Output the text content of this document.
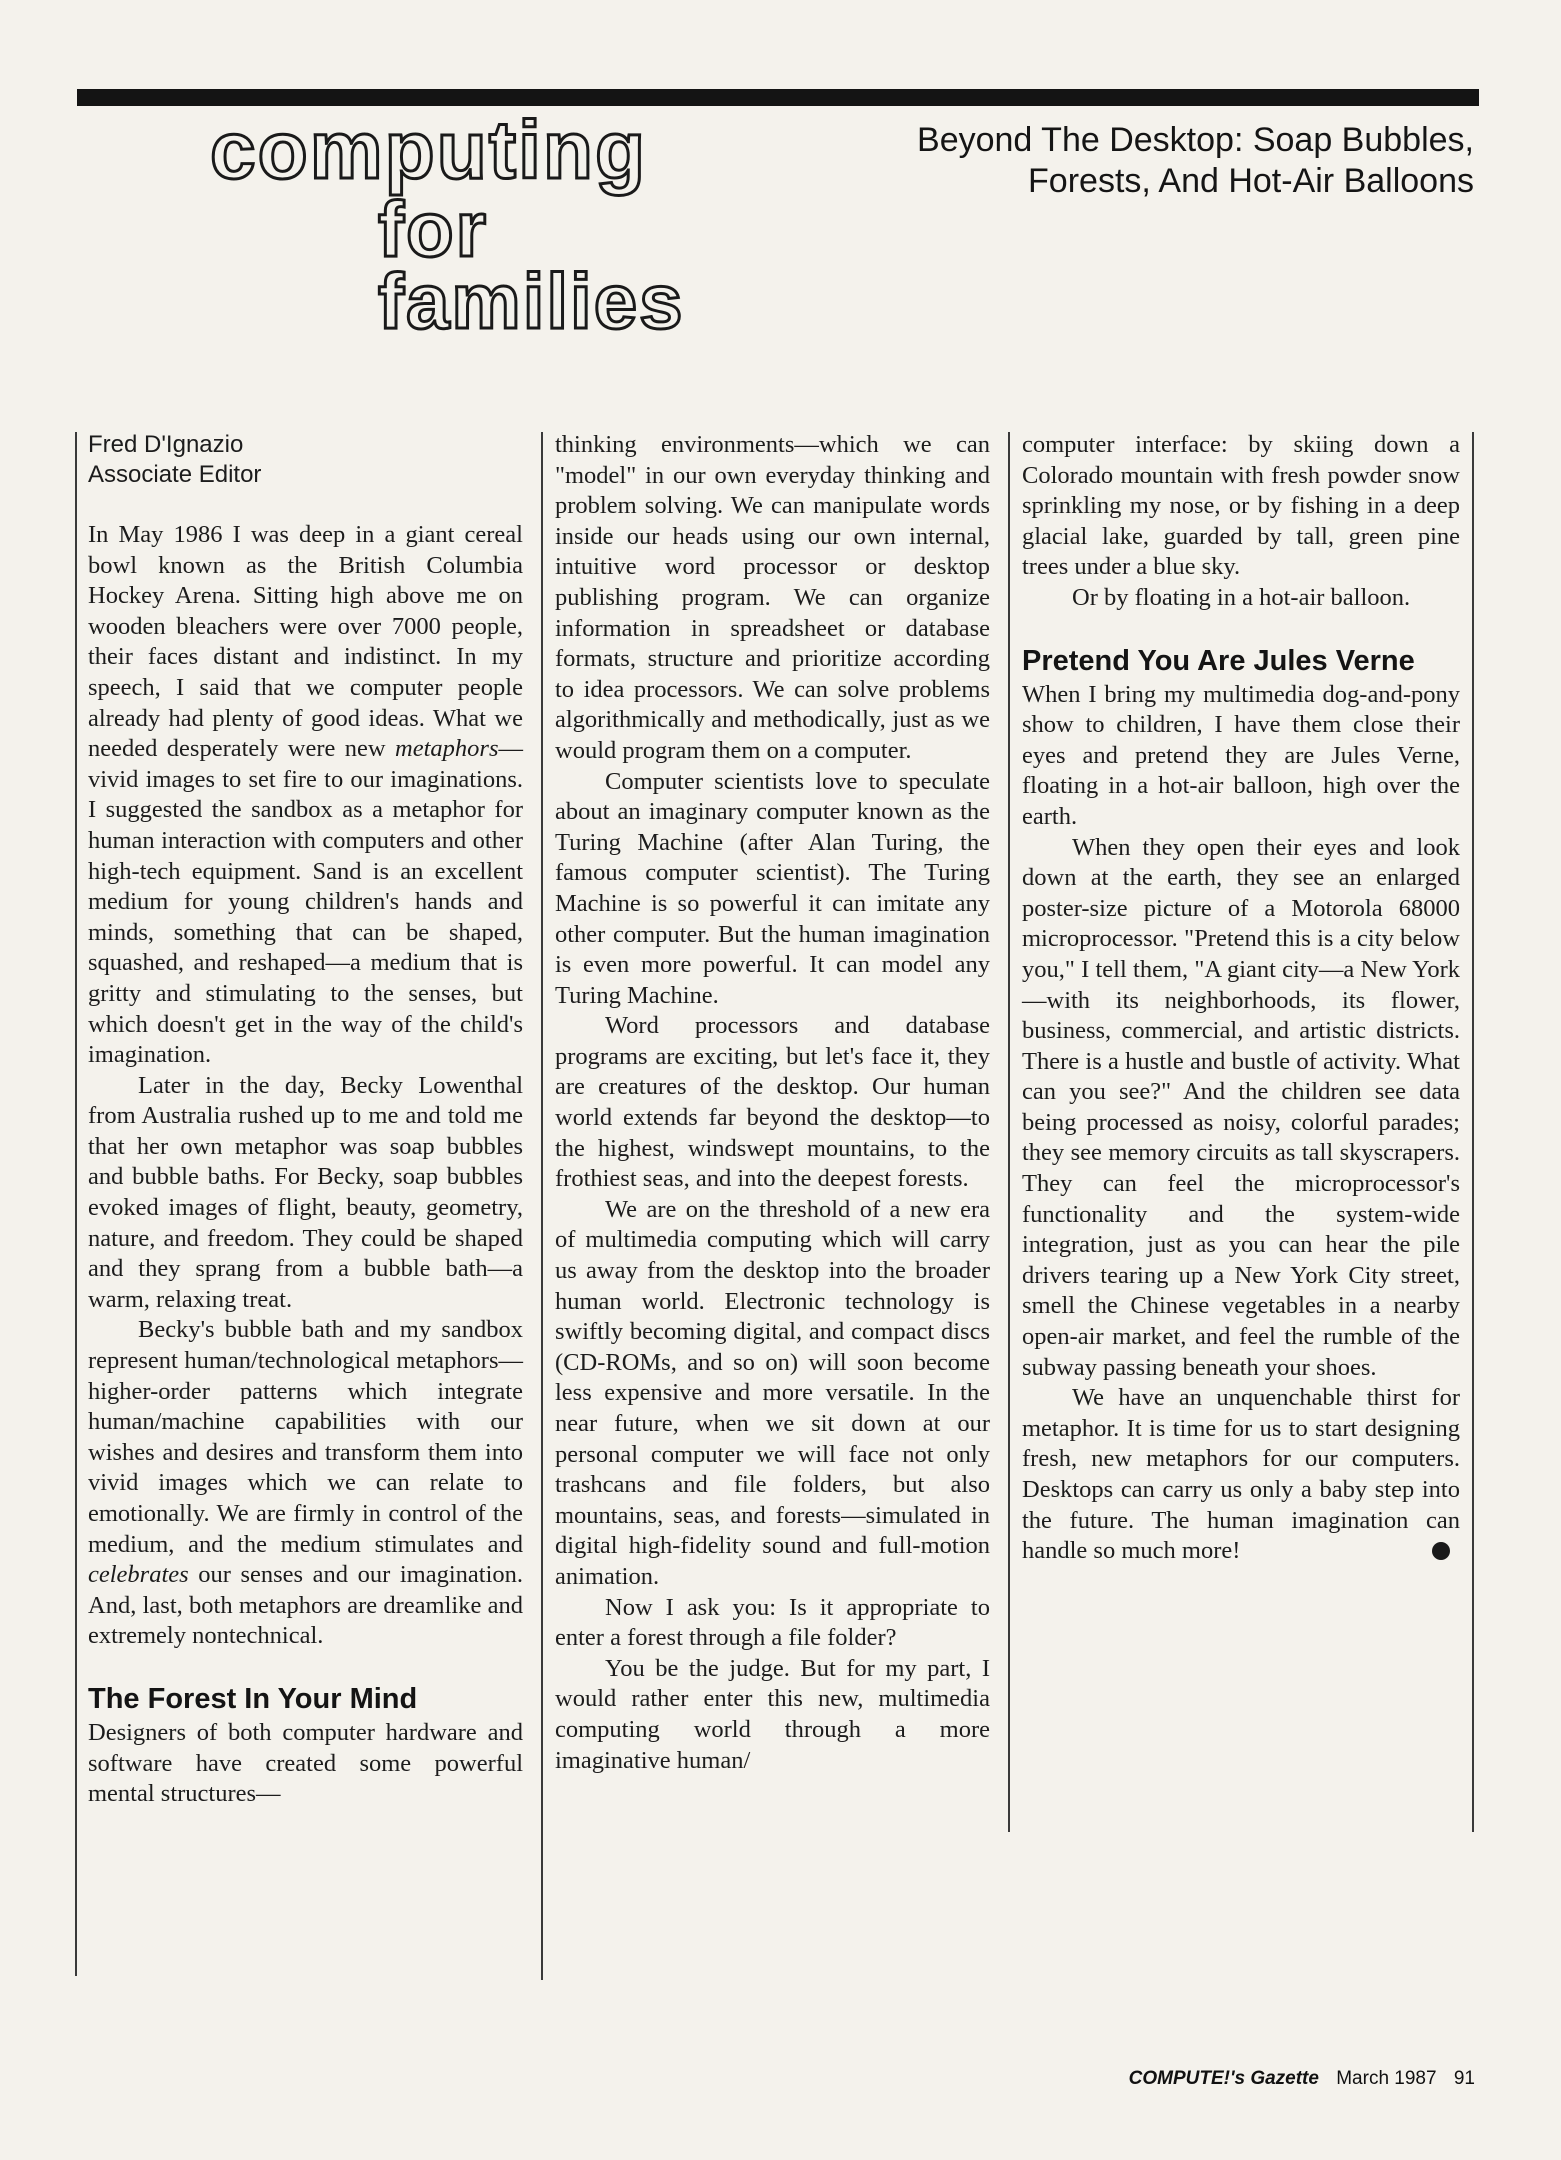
computing
for
families
Beyond The Desktop: Soap Bubbles,
Forests, And Hot-Air Balloons
Fred D'Ignazio
Associate Editor

In May 1986 I was deep in a giant cereal bowl known as the British Columbia Hockey Arena. Sitting high above me on wooden bleachers were over 7000 people, their faces distant and indistinct. In my speech, I said that we computer people already had plenty of good ideas. What we needed desperately were new metaphors—vivid images to set fire to our imaginations. I suggested the sandbox as a metaphor for human interaction with computers and other high-tech equipment. Sand is an excellent medium for young children's hands and minds, something that can be shaped, squashed, and reshaped—a medium that is gritty and stimulating to the senses, but which doesn't get in the way of the child's imagination.

Later in the day, Becky Lowenthal from Australia rushed up to me and told me that her own metaphor was soap bubbles and bubble baths. For Becky, soap bubbles evoked images of flight, beauty, geometry, nature, and freedom. They could be shaped and they sprang from a bubble bath—a warm, relaxing treat.

Becky's bubble bath and my sandbox represent human/technological metaphors—higher-order patterns which integrate human/machine capabilities with our wishes and desires and transform them into vivid images which we can relate to emotionally. We are firmly in control of the medium, and the medium stimulates and celebrates our senses and our imagination. And, last, both metaphors are dreamlike and extremely nontechnical.

The Forest In Your Mind

Designers of both computer hardware and software have created some powerful mental structures—

thinking environments—which we can "model" in our own everyday thinking and problem solving. We can manipulate words inside our heads using our own internal, intuitive word processor or desktop publishing program. We can organize information in spreadsheet or database formats, structure and prioritize according to idea processors. We can solve problems algorithmically and methodically, just as we would program them on a computer.

Computer scientists love to speculate about an imaginary computer known as the Turing Machine (after Alan Turing, the famous computer scientist). The Turing Machine is so powerful it can imitate any other computer. But the human imagination is even more powerful. It can model any Turing Machine.

Word processors and database programs are exciting, but let's face it, they are creatures of the desktop. Our human world extends far beyond the desktop—to the highest, windswept mountains, to the frothiest seas, and into the deepest forests.

We are on the threshold of a new era of multimedia computing which will carry us away from the desktop into the broader human world. Electronic technology is swiftly becoming digital, and compact discs (CD-ROMs, and so on) will soon become less expensive and more versatile. In the near future, when we sit down at our personal computer we will face not only trashcans and file folders, but also mountains, seas, and forests—simulated in digital high-fidelity sound and full-motion animation.

Now I ask you: Is it appropriate to enter a forest through a file folder?

You be the judge. But for my part, I would rather enter this new, multimedia computing world through a more imaginative human/

computer interface: by skiing down a Colorado mountain with fresh powder snow sprinkling my nose, or by fishing in a deep glacial lake, guarded by tall, green pine trees under a blue sky.

Or by floating in a hot-air balloon.

Pretend You Are Jules Verne

When I bring my multimedia dog-and-pony show to children, I have them close their eyes and pretend they are Jules Verne, floating in a hot-air balloon, high over the earth.

When they open their eyes and look down at the earth, they see an enlarged poster-size picture of a Motorola 68000 microprocessor. "Pretend this is a city below you," I tell them, "A giant city—a New York—with its neighborhoods, its flower, business, commercial, and artistic districts. There is a hustle and bustle of activity. What can you see?" And the children see data being processed as noisy, colorful parades; they see memory circuits as tall skyscrapers. They can feel the microprocessor's functionality and the system-wide integration, just as you can hear the pile drivers tearing up a New York City street, smell the Chinese vegetables in a nearby open-air market, and feel the rumble of the subway passing beneath your shoes.

We have an unquenchable thirst for metaphor. It is time for us to start designing fresh, new metaphors for our computers. Desktops can carry us only a baby step into the future. The human imagination can handle so much more!

COMPUTE!'s Gazette March 1987 91
